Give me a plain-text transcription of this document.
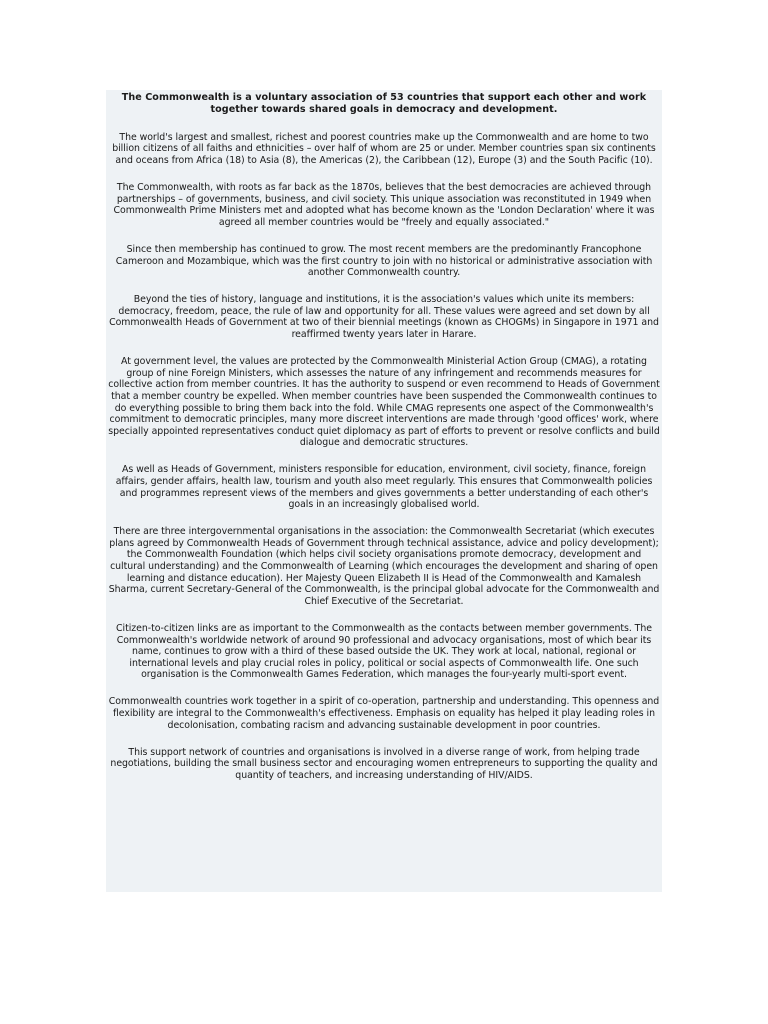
The Commonwealth is a voluntary association of 53 countries that support each other and work together towards shared goals in democracy and development.

The world's largest and smallest, richest and poorest countries make up the Commonwealth and are home to two billion citizens of all faiths and ethnicities – over half of whom are 25 or under. Member countries span six continents and oceans from Africa (18) to Asia (8), the Americas (2), the Caribbean (12), Europe (3) and the South Pacific (10).

The Commonwealth, with roots as far back as the 1870s, believes that the best democracies are achieved through partnerships – of governments, business, and civil society. This unique association was reconstituted in 1949 when Commonwealth Prime Ministers met and adopted what has become known as the 'London Declaration' where it was agreed all member countries would be "freely and equally associated."

Since then membership has continued to grow. The most recent members are the predominantly Francophone Cameroon and Mozambique, which was the first country to join with no historical or administrative association with another Commonwealth country.

Beyond the ties of history, language and institutions, it is the association's values which unite its members: democracy, freedom, peace, the rule of law and opportunity for all. These values were agreed and set down by all Commonwealth Heads of Government at two of their biennial meetings (known as CHOGMs) in Singapore in 1971 and reaffirmed twenty years later in Harare.

At government level, the values are protected by the Commonwealth Ministerial Action Group (CMAG), a rotating group of nine Foreign Ministers, which assesses the nature of any infringement and recommends measures for collective action from member countries. It has the authority to suspend or even recommend to Heads of Government that a member country be expelled. When member countries have been suspended the Commonwealth continues to do everything possible to bring them back into the fold. While CMAG represents one aspect of the Commonwealth's commitment to democratic principles, many more discreet interventions are made through 'good offices' work, where specially appointed representatives conduct quiet diplomacy as part of efforts to prevent or resolve conflicts and build dialogue and democratic structures.

As well as Heads of Government, ministers responsible for education, environment, civil society, finance, foreign affairs, gender affairs, health law, tourism and youth also meet regularly. This ensures that Commonwealth policies and programmes represent views of the members and gives governments a better understanding of each other's goals in an increasingly globalised world.

There are three intergovernmental organisations in the association: the Commonwealth Secretariat (which executes plans agreed by Commonwealth Heads of Government through technical assistance, advice and policy development); the Commonwealth Foundation (which helps civil society organisations promote democracy, development and cultural understanding) and the Commonwealth of Learning (which encourages the development and sharing of open learning and distance education). Her Majesty Queen Elizabeth II is Head of the Commonwealth and Kamalesh Sharma, current Secretary-General of the Commonwealth, is the principal global advocate for the Commonwealth and Chief Executive of the Secretariat.

Citizen-to-citizen links are as important to the Commonwealth as the contacts between member governments. The Commonwealth's worldwide network of around 90 professional and advocacy organisations, most of which bear its name, continues to grow with a third of these based outside the UK. They work at local, national, regional or international levels and play crucial roles in policy, political or social aspects of Commonwealth life. One such organisation is the Commonwealth Games Federation, which manages the four-yearly multi-sport event.

Commonwealth countries work together in a spirit of co-operation, partnership and understanding. This openness and flexibility are integral to the Commonwealth's effectiveness. Emphasis on equality has helped it play leading roles in decolonisation, combating racism and advancing sustainable development in poor countries.

This support network of countries and organisations is involved in a diverse range of work, from helping trade negotiations, building the small business sector and encouraging women entrepreneurs to supporting the quality and quantity of teachers, and increasing understanding of HIV/AIDS.
